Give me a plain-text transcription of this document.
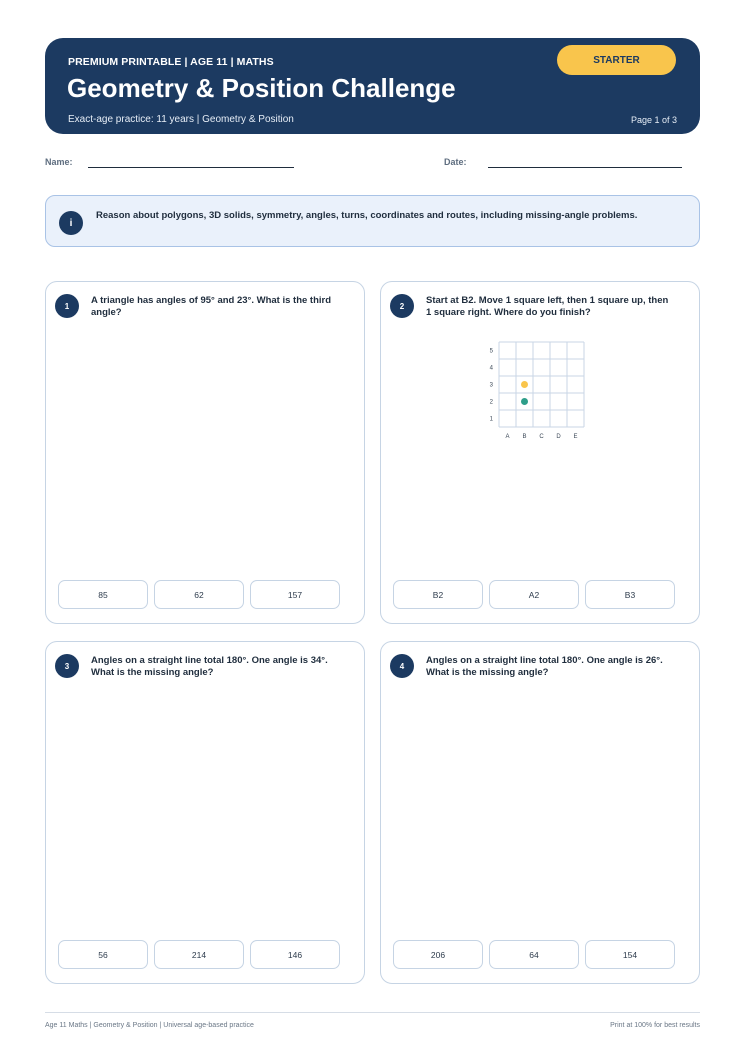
PREMIUM PRINTABLE | AGE 11 | MATHS
Geometry & Position Challenge
Exact-age practice: 11 years | Geometry & Position	Page 1 of 3
STARTER
Name:	Date:
i
Reason about polygons, 3D solids, symmetry, angles, turns, coordinates and routes, including missing-angle problems.
1	A triangle has angles of 95° and 23°. What is the third angle?
85	62	157
2	Start at B2. Move 1 square left, then 1 square up, then 1 square right. Where do you finish?
5
4
3
2
1
A B C D E
B2	A2	B3
3	Angles on a straight line total 180°. One angle is 34°. What is the missing angle?
56	214	146
4	Angles on a straight line total 180°. One angle is 26°. What is the missing angle?
206	64	154
Age 11 Maths | Geometry & Position | Universal age-based practice	Print at 100% for best results
